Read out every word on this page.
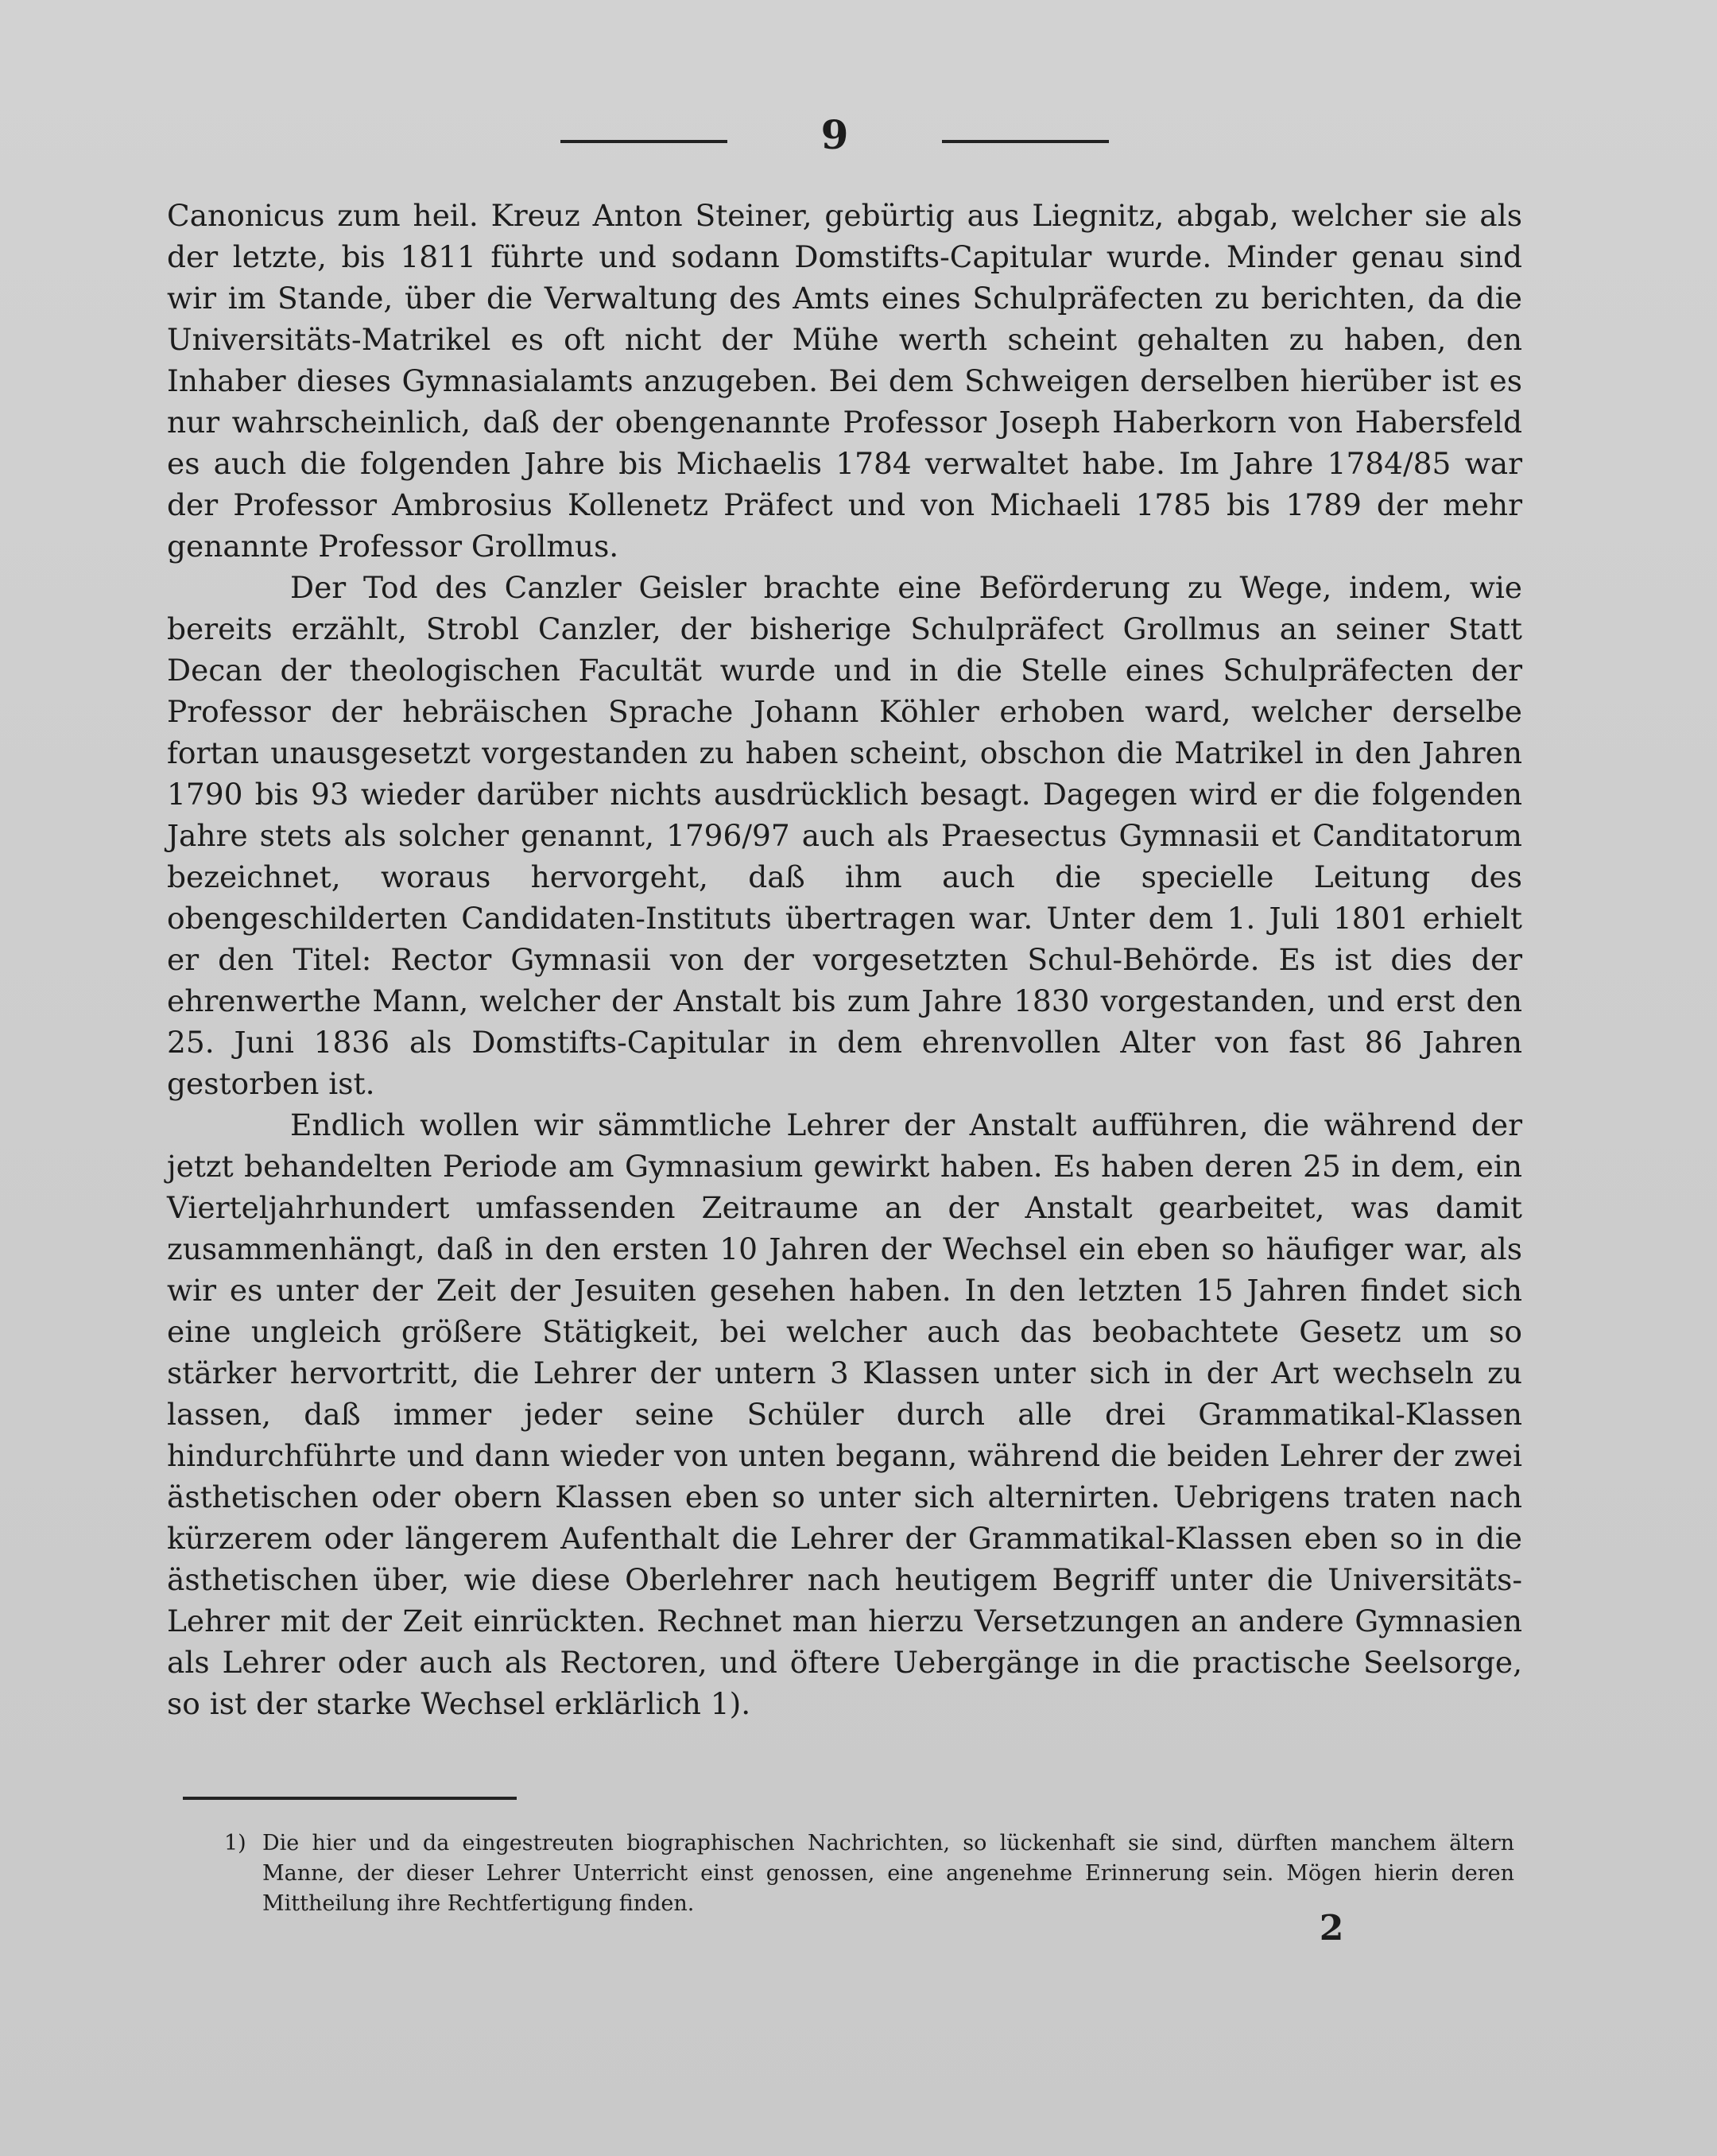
9

Canonicus zum heil. Kreuz Anton Steiner, gebürtig aus Liegnitz, abgab, welcher sie als der letzte, bis 1811 führte und sodann Domstifts-Capitular wurde. Minder genau sind wir im Stande, über die Verwaltung des Amts eines Schulpräfecten zu berichten, da die Universitäts-Matrikel es oft nicht der Mühe werth scheint gehalten zu haben, den Inhaber dieses Gymnasialamts anzugeben. Bei dem Schweigen derselben hierüber ist es nur wahrscheinlich, daß der obengenannte Professor Joseph Haberkorn von Habersfeld es auch die folgenden Jahre bis Michaelis 1784 verwaltet habe. Im Jahre 1784/85 war der Professor Ambrosius Kollenetz Präfect und von Michaeli 1785 bis 1789 der mehr genannte Professor Grollmus.

Der Tod des Canzler Geisler brachte eine Beförderung zu Wege, indem, wie bereits erzählt, Strobl Canzler, der bisherige Schulpräfect Grollmus an seiner Statt Decan der theologischen Facultät wurde und in die Stelle eines Schulpräfecten der Professor der hebräischen Sprache Johann Köhler erhoben ward, welcher derselbe fortan unausgesetzt vorgestanden zu haben scheint, obschon die Matrikel in den Jahren 1790 bis 93 wieder darüber nichts ausdrücklich besagt. Dagegen wird er die folgenden Jahre stets als solcher genannt, 1796/97 auch als Praesectus Gymnasii et Canditatorum bezeichnet, woraus hervorgeht, daß ihm auch die specielle Leitung des obengeschilderten Candidaten-Instituts übertragen war. Unter dem 1. Juli 1801 erhielt er den Titel: Rector Gymnasii von der vorgesetzten Schul-Behörde. Es ist dies der ehrenwerthe Mann, welcher der Anstalt bis zum Jahre 1830 vorgestanden, und erst den 25. Juni 1836 als Domstifts-Capitular in dem ehrenvollen Alter von fast 86 Jahren gestorben ist.

Endlich wollen wir sämmtliche Lehrer der Anstalt aufführen, die während der jetzt behandelten Periode am Gymnasium gewirkt haben. Es haben deren 25 in dem, ein Vierteljahrhundert umfassenden Zeitraume an der Anstalt gearbeitet, was damit zusammenhängt, daß in den ersten 10 Jahren der Wechsel ein eben so häufiger war, als wir es unter der Zeit der Jesuiten gesehen haben. In den letzten 15 Jahren findet sich eine ungleich größere Stätigkeit, bei welcher auch das beobachtete Gesetz um so stärker hervortritt, die Lehrer der untern 3 Klassen unter sich in der Art wechseln zu lassen, daß immer jeder seine Schüler durch alle drei Grammatikal-Klassen hindurchführte und dann wieder von unten begann, während die beiden Lehrer der zwei ästhetischen oder obern Klassen eben so unter sich alternirten. Uebrigens traten nach kürzerem oder längerem Aufenthalt die Lehrer der Grammatikal-Klassen eben so in die ästhetischen über, wie diese Oberlehrer nach heutigem Begriff unter die Universitäts-Lehrer mit der Zeit einrückten. Rechnet man hierzu Versetzungen an andere Gymnasien als Lehrer oder auch als Rectoren, und öftere Uebergänge in die practische Seelsorge, so ist der starke Wechsel erklärlich 1).

1) Die hier und da eingestreuten biographischen Nachrichten, so lückenhaft sie sind, dürften manchem ältern Manne, der dieser Lehrer Unterricht einst genossen, eine angenehme Erinnerung sein. Mögen hierin deren Mittheilung ihre Rechtfertigung finden.
2
